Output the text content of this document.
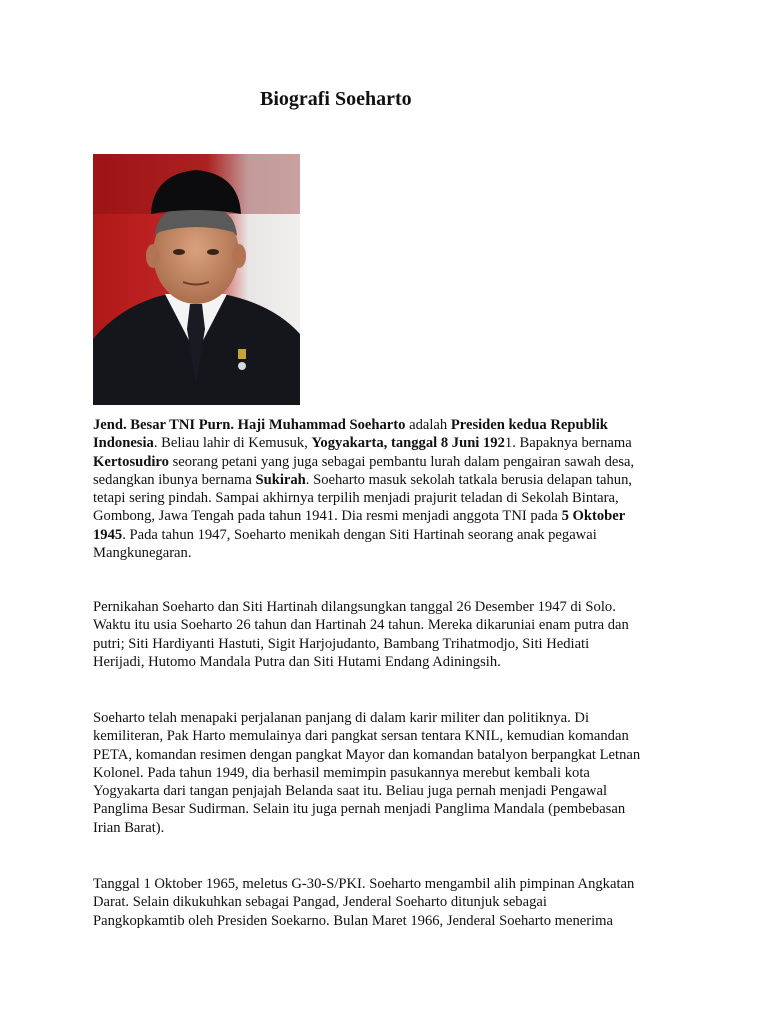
Biografi Soeharto
Jend. Besar TNI Purn. Haji Muhammad Soeharto adalah Presiden kedua Republik
Indonesia. Beliau lahir di Kemusuk, Yogyakarta, tanggal 8 Juni 1921. Bapaknya bernama
Kertosudiro seorang petani yang juga sebagai pembantu lurah dalam pengairan sawah desa,
sedangkan ibunya bernama Sukirah. Soeharto masuk sekolah tatkala berusia delapan tahun,
tetapi sering pindah. Sampai akhirnya terpilih menjadi prajurit teladan di Sekolah Bintara,
Gombong, Jawa Tengah pada tahun 1941. Dia resmi menjadi anggota TNI pada 5 Oktober
1945. Pada tahun 1947, Soeharto menikah dengan Siti Hartinah seorang anak pegawai
Mangkunegaran.
Pernikahan Soeharto dan Siti Hartinah dilangsungkan tanggal 26 Desember 1947 di Solo.
Waktu itu usia Soeharto 26 tahun dan Hartinah 24 tahun. Mereka dikaruniai enam putra dan
putri; Siti Hardiyanti Hastuti, Sigit Harjojudanto, Bambang Trihatmodjo, Siti Hediati
Herijadi, Hutomo Mandala Putra dan Siti Hutami Endang Adiningsih.
Soeharto telah menapaki perjalanan panjang di dalam karir militer dan politiknya. Di
kemiliteran, Pak Harto memulainya dari pangkat sersan tentara KNIL, kemudian komandan
PETA, komandan resimen dengan pangkat Mayor dan komandan batalyon berpangkat Letnan
Kolonel. Pada tahun 1949, dia berhasil memimpin pasukannya merebut kembali kota
Yogyakarta dari tangan penjajah Belanda saat itu. Beliau juga pernah menjadi Pengawal
Panglima Besar Sudirman. Selain itu juga pernah menjadi Panglima Mandala (pembebasan
Irian Barat).
Tanggal 1 Oktober 1965, meletus G-30-S/PKI. Soeharto mengambil alih pimpinan Angkatan
Darat. Selain dikukuhkan sebagai Pangad, Jenderal Soeharto ditunjuk sebagai
Pangkopkamtib oleh Presiden Soekarno. Bulan Maret 1966, Jenderal Soeharto menerima
